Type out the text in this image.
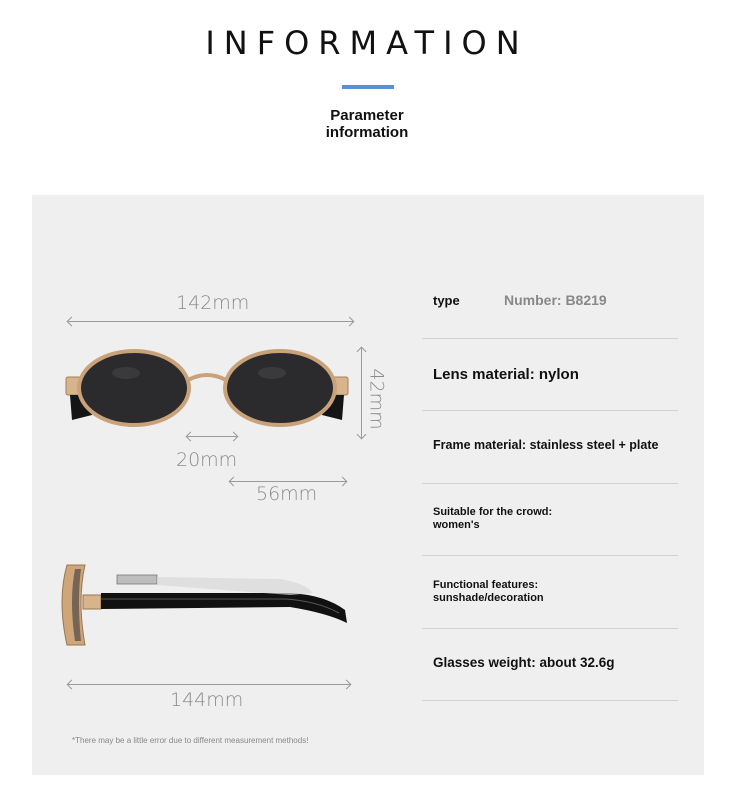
INFORMATION
Parameter
information
142mm
42mm
20mm
56mm
144mm
type	Number: B8219
Lens material: nylon
Frame material: stainless steel + plate
Suitable for the crowd:
women's
Functional features:
sunshade/decoration
Glasses weight: about 32.6g
*There may be a little error due to different measurement methods!
